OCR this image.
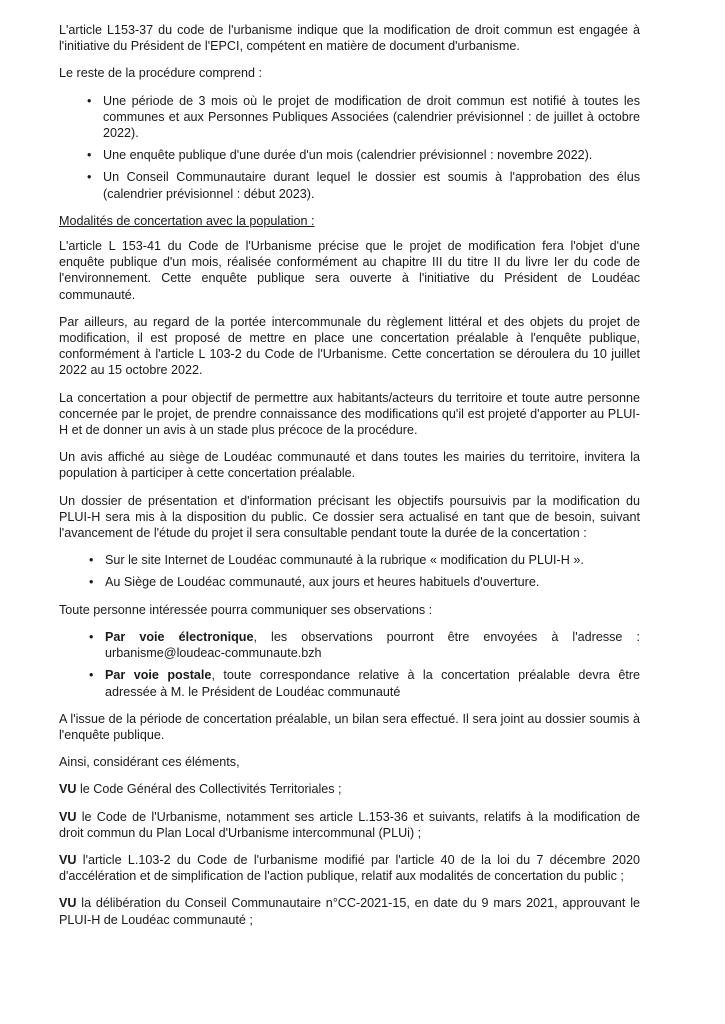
L'article L153-37 du code de l'urbanisme indique que la modification de droit commun est engagée à l'initiative du Président de l'EPCI, compétent en matière de document d'urbanisme.

Le reste de la procédure comprend :

• Une période de 3 mois où le projet de modification de droit commun est notifié à toutes les communes et aux Personnes Publiques Associées (calendrier prévisionnel : de juillet à octobre 2022).
• Une enquête publique d'une durée d'un mois (calendrier prévisionnel : novembre 2022).
• Un Conseil Communautaire durant lequel le dossier est soumis à l'approbation des élus (calendrier prévisionnel : début 2023).

Modalités de concertation avec la population :

L'article L 153-41 du Code de l'Urbanisme précise que le projet de modification fera l'objet d'une enquête publique d'un mois, réalisée conformément au chapitre III du titre II du livre Ier du code de l'environnement. Cette enquête publique sera ouverte à l'initiative du Président de Loudéac communauté.

Par ailleurs, au regard de la portée intercommunale du règlement littéral et des objets du projet de modification, il est proposé de mettre en place une concertation préalable à l'enquête publique, conformément à l'article L 103-2 du Code de l'Urbanisme. Cette concertation se déroulera du 10 juillet 2022 au 15 octobre 2022.

La concertation a pour objectif de permettre aux habitants/acteurs du territoire et toute autre personne concernée par le projet, de prendre connaissance des modifications qu'il est projeté d'apporter au PLUI-H et de donner un avis à un stade plus précoce de la procédure.

Un avis affiché au siège de Loudéac communauté et dans toutes les mairies du territoire, invitera la population à participer à cette concertation préalable.

Un dossier de présentation et d'information précisant les objectifs poursuivis par la modification du PLUI-H sera mis à la disposition du public. Ce dossier sera actualisé en tant que de besoin, suivant l'avancement de l'étude du projet il sera consultable pendant toute la durée de la concertation :

• Sur le site Internet de Loudéac communauté à la rubrique « modification du PLUI-H ».
• Au Siège de Loudéac communauté, aux jours et heures habituels d'ouverture.

Toute personne intéressée pourra communiquer ses observations :

• Par voie électronique, les observations pourront être envoyées à l'adresse : urbanisme@loudeac-communaute.bzh
• Par voie postale, toute correspondance relative à la concertation préalable devra être adressée à M. le Président de Loudéac communauté

A l'issue de la période de concertation préalable, un bilan sera effectué. Il sera joint au dossier soumis à l'enquête publique.

Ainsi, considérant ces éléments,

VU le Code Général des Collectivités Territoriales ;

VU le Code de l'Urbanisme, notamment ses article L.153-36 et suivants, relatifs à la modification de droit commun du Plan Local d'Urbanisme intercommunal (PLUi) ;

VU l'article L.103-2 du Code de l'urbanisme modifié par l'article 40 de la loi du 7 décembre 2020 d'accélération et de simplification de l'action publique, relatif aux modalités de concertation du public ;

VU la délibération du Conseil Communautaire n°CC-2021-15, en date du 9 mars 2021, approuvant le PLUI-H de Loudéac communauté ;
